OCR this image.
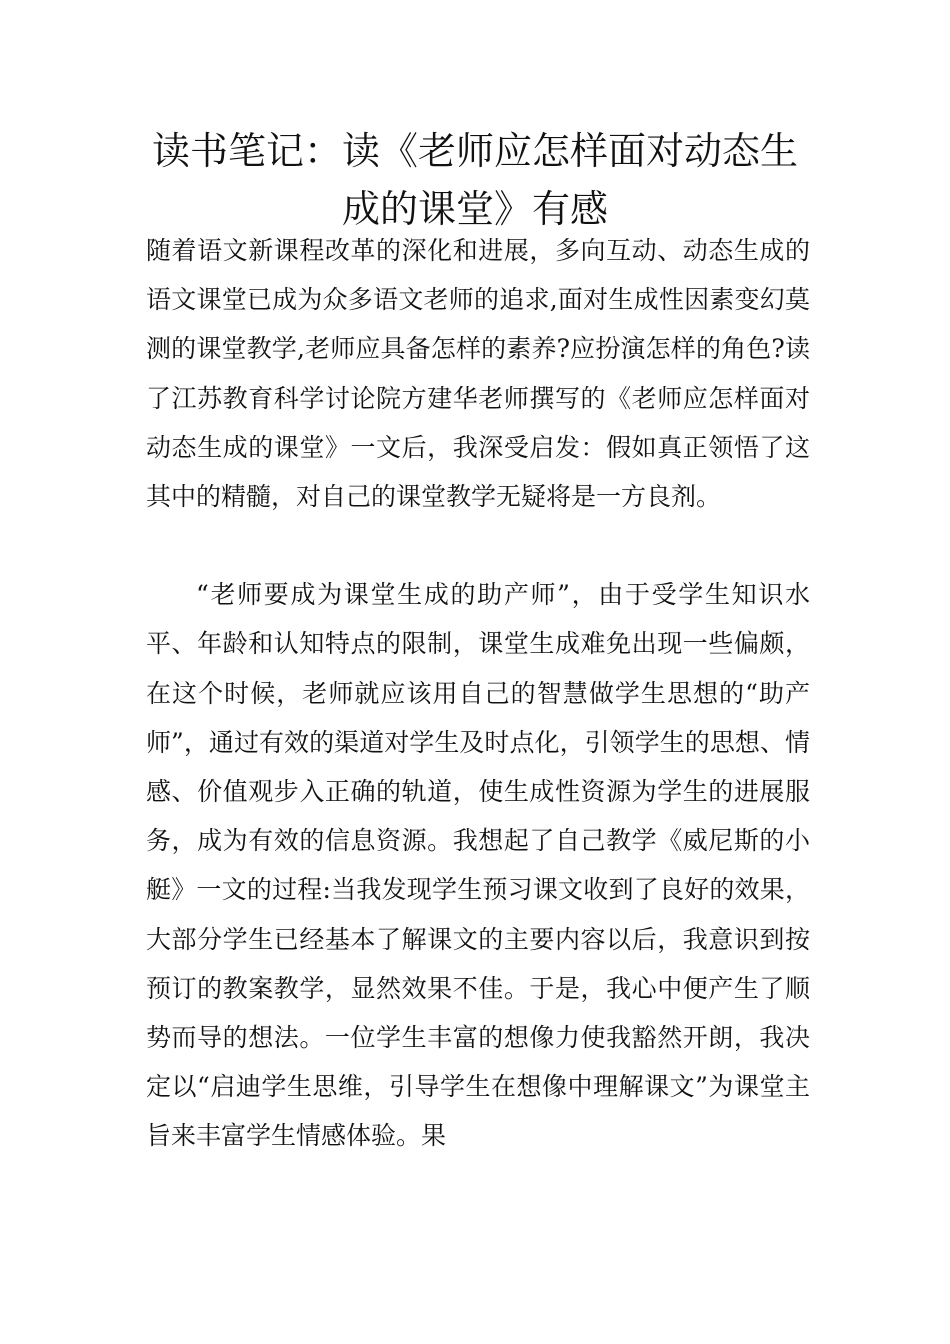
读书笔记：读《老师应怎样面对动态生
成的课堂》有感

随着语文新课程改革的深化和进展，多向互动、动态生成的语文课堂已成为众多语文老师的追求,面对生成性因素变幻莫测的课堂教学,老师应具备怎样的素养?应扮演怎样的角色?读了江苏教育科学讨论院方建华老师撰写的《老师应怎样面对动态生成的课堂》一文后，我深受启发：假如真正领悟了这其中的精髓，对自己的课堂教学无疑将是一方良剂。

“老师要成为课堂生成的助产师”，由于受学生知识水平、年龄和认知特点的限制，课堂生成难免出现一些偏颇，在这个时候，老师就应该用自己的智慧做学生思想的“助产师”，通过有效的渠道对学生及时点化，引领学生的思想、情感、价值观步入正确的轨道，使生成性资源为学生的进展服务，成为有效的信息资源。我想起了自己教学《威尼斯的小艇》一文的过程:当我发现学生预习课文收到了良好的效果，大部分学生已经基本了解课文的主要内容以后，我意识到按预订的教案教学，显然效果不佳。于是，我心中便产生了顺势而导的想法。一位学生丰富的想像力使我豁然开朗，我决定以“启迪学生思维，引导学生在想像中理解课文”为课堂主旨来丰富学生情感体验。果
